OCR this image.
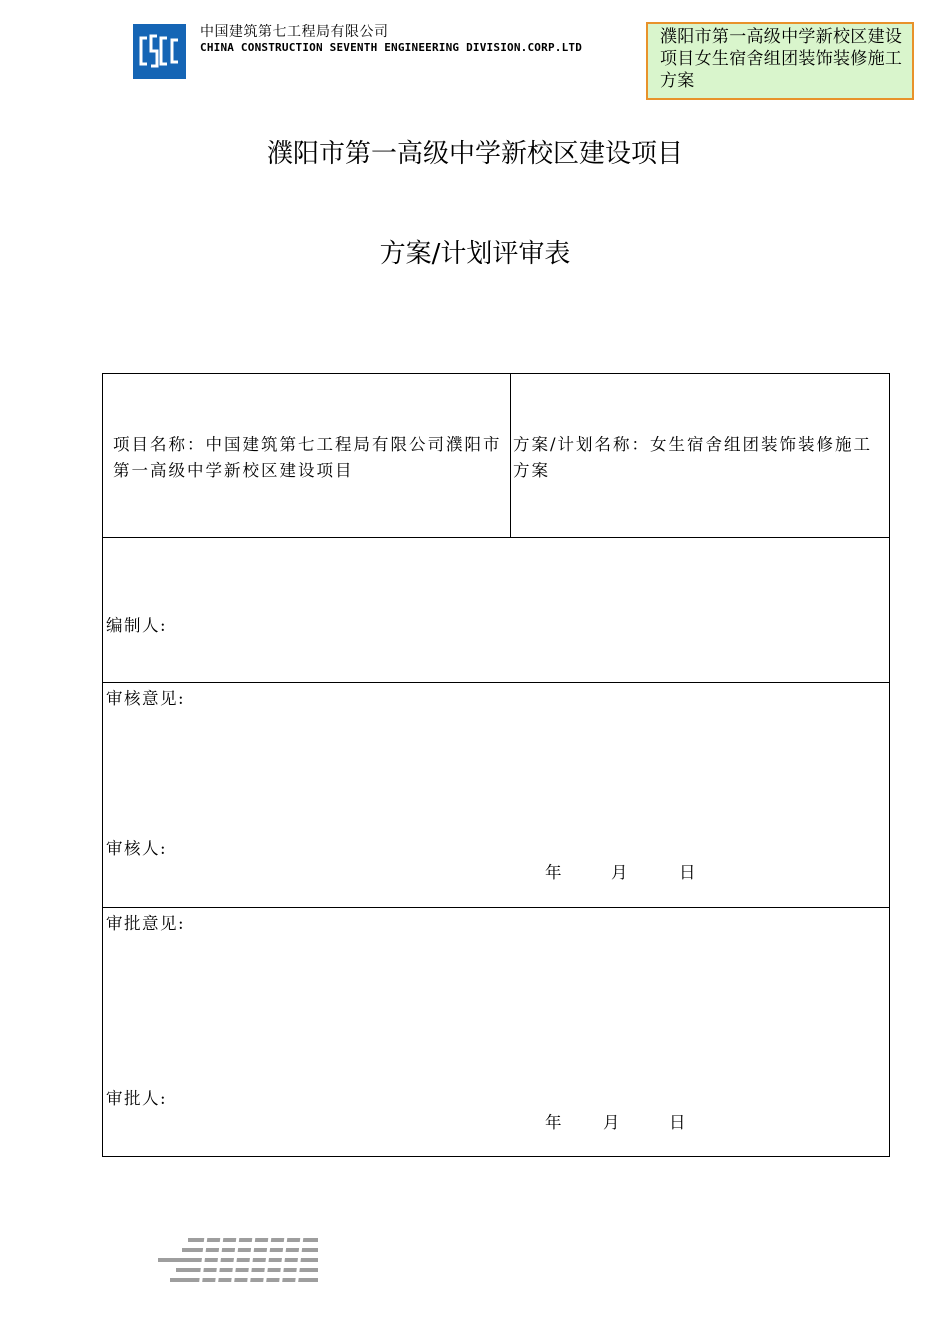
中国建筑第七工程局有限公司
CHINA CONSTRUCTION SEVENTH ENGINEERING DIVISION.CORP.LTD
濮阳市第一高级中学新校区建设项目女生宿舍组团装饰装修施工方案
濮阳市第一高级中学新校区建设项目
方案/计划评审表
项目名称：中国建筑第七工程局有限公司濮阳市第一高级中学新校区建设项目
方案/计划名称：女生宿舍组团装饰装修施工方案
编制人:
审核意见:
审核人:
年	月	日
审批意见:
审批人:
年	月	日
